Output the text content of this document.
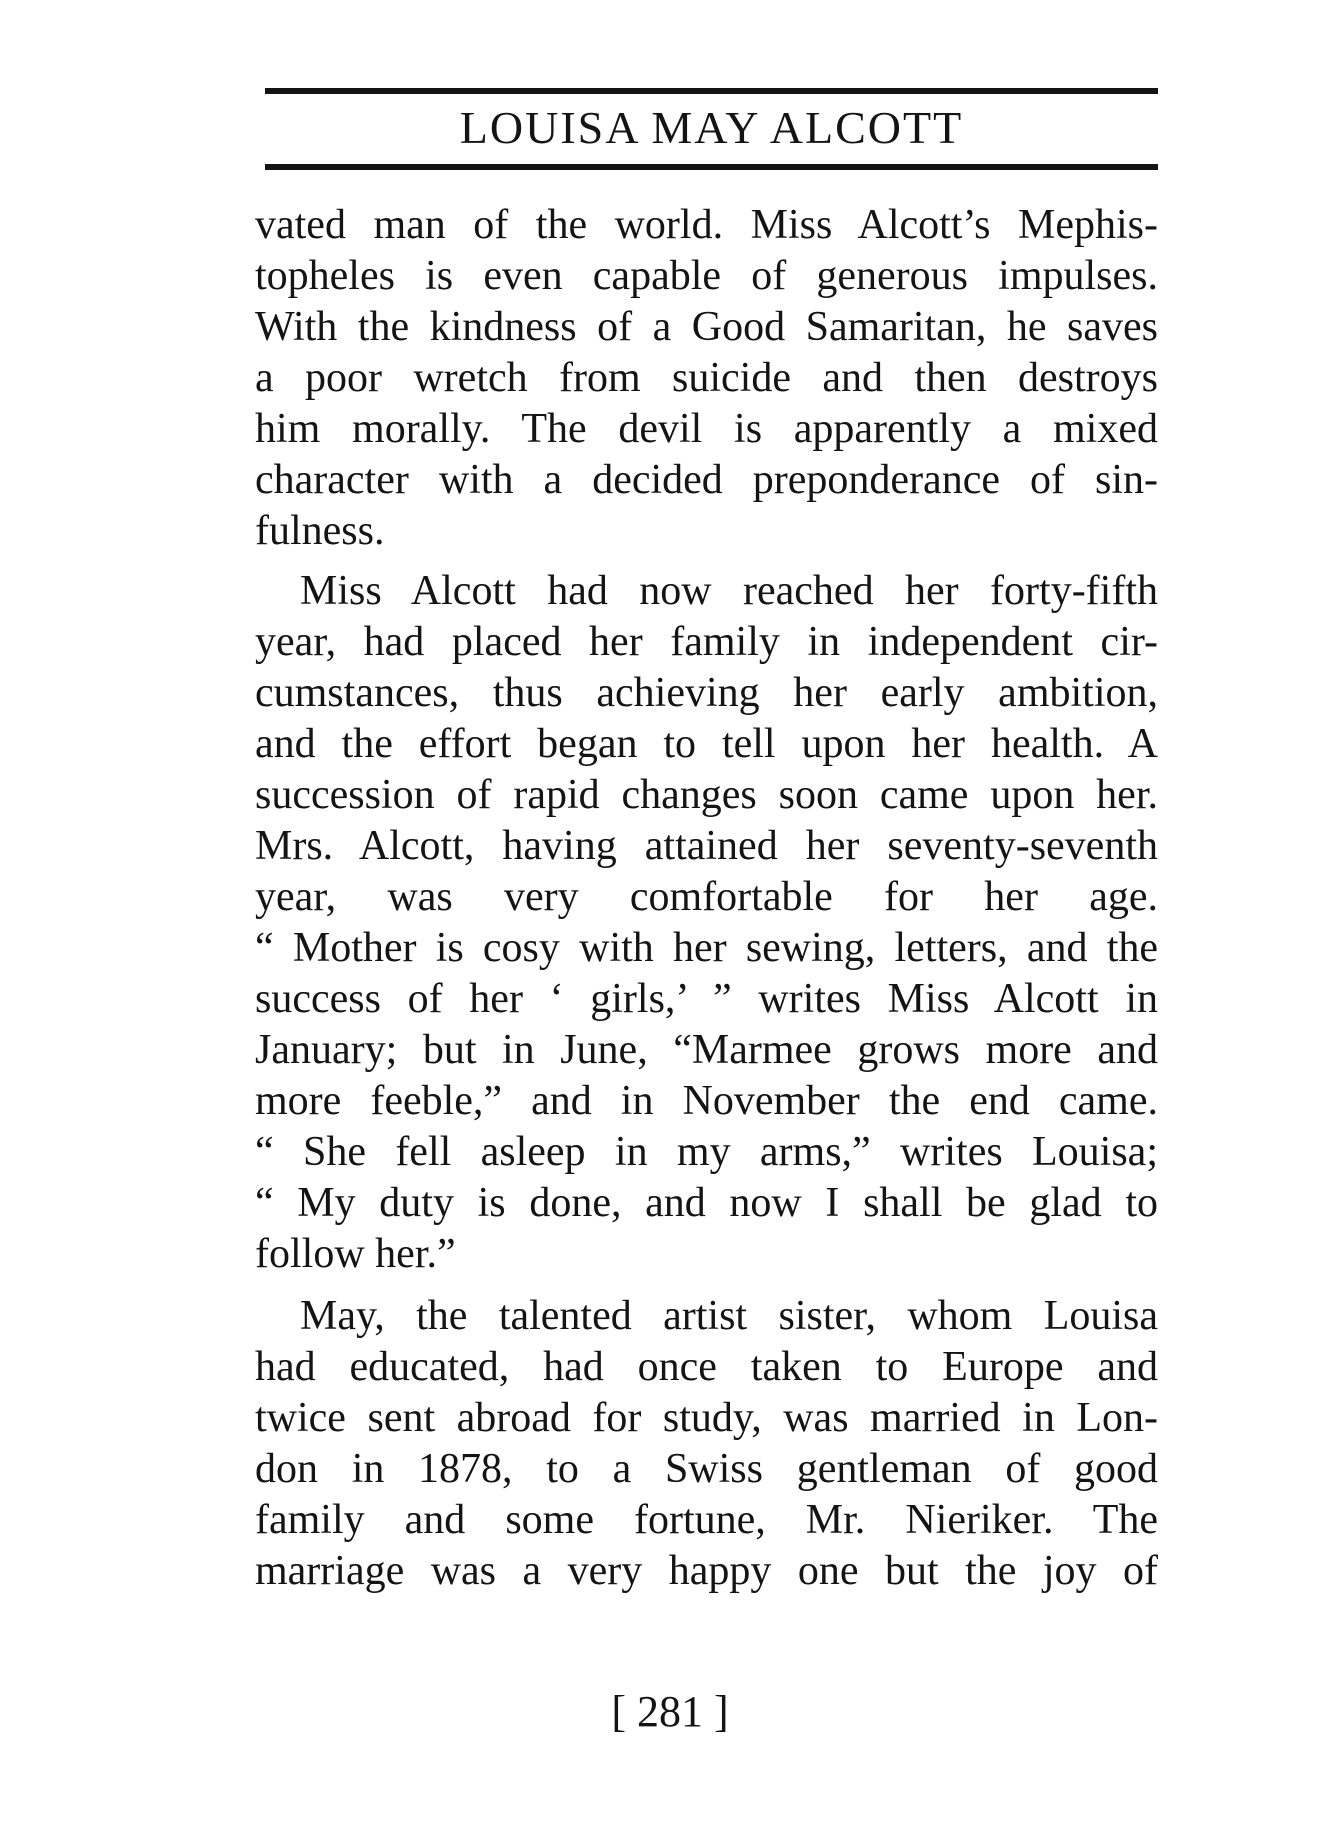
LOUISA MAY ALCOTT
vated man of the world. Miss Alcott’s Mephis-
topheles is even capable of generous impulses.
With the kindness of a Good Samaritan, he saves
a poor wretch from suicide and then destroys
him morally. The devil is apparently a mixed
character with a decided preponderance of sin-
fulness.
Miss Alcott had now reached her forty-fifth
year, had placed her family in independent cir-
cumstances, thus achieving her early ambition,
and the effort began to tell upon her health. A
succession of rapid changes soon came upon her.
Mrs. Alcott, having attained her seventy-seventh
year, was very comfortable for her age.
“ Mother is cosy with her sewing, letters, and the
success of her ‘ girls,’ ” writes Miss Alcott in
January; but in June, “Marmee grows more and
more feeble,” and in November the end came.
“ She fell asleep in my arms,” writes Louisa;
“ My duty is done, and now I shall be glad to
follow her.”
May, the talented artist sister, whom Louisa
had educated, had once taken to Europe and
twice sent abroad for study, was married in Lon-
don in 1878, to a Swiss gentleman of good
family and some fortune, Mr. Nieriker. The
marriage was a very happy one but the joy of
[ 281 ]
